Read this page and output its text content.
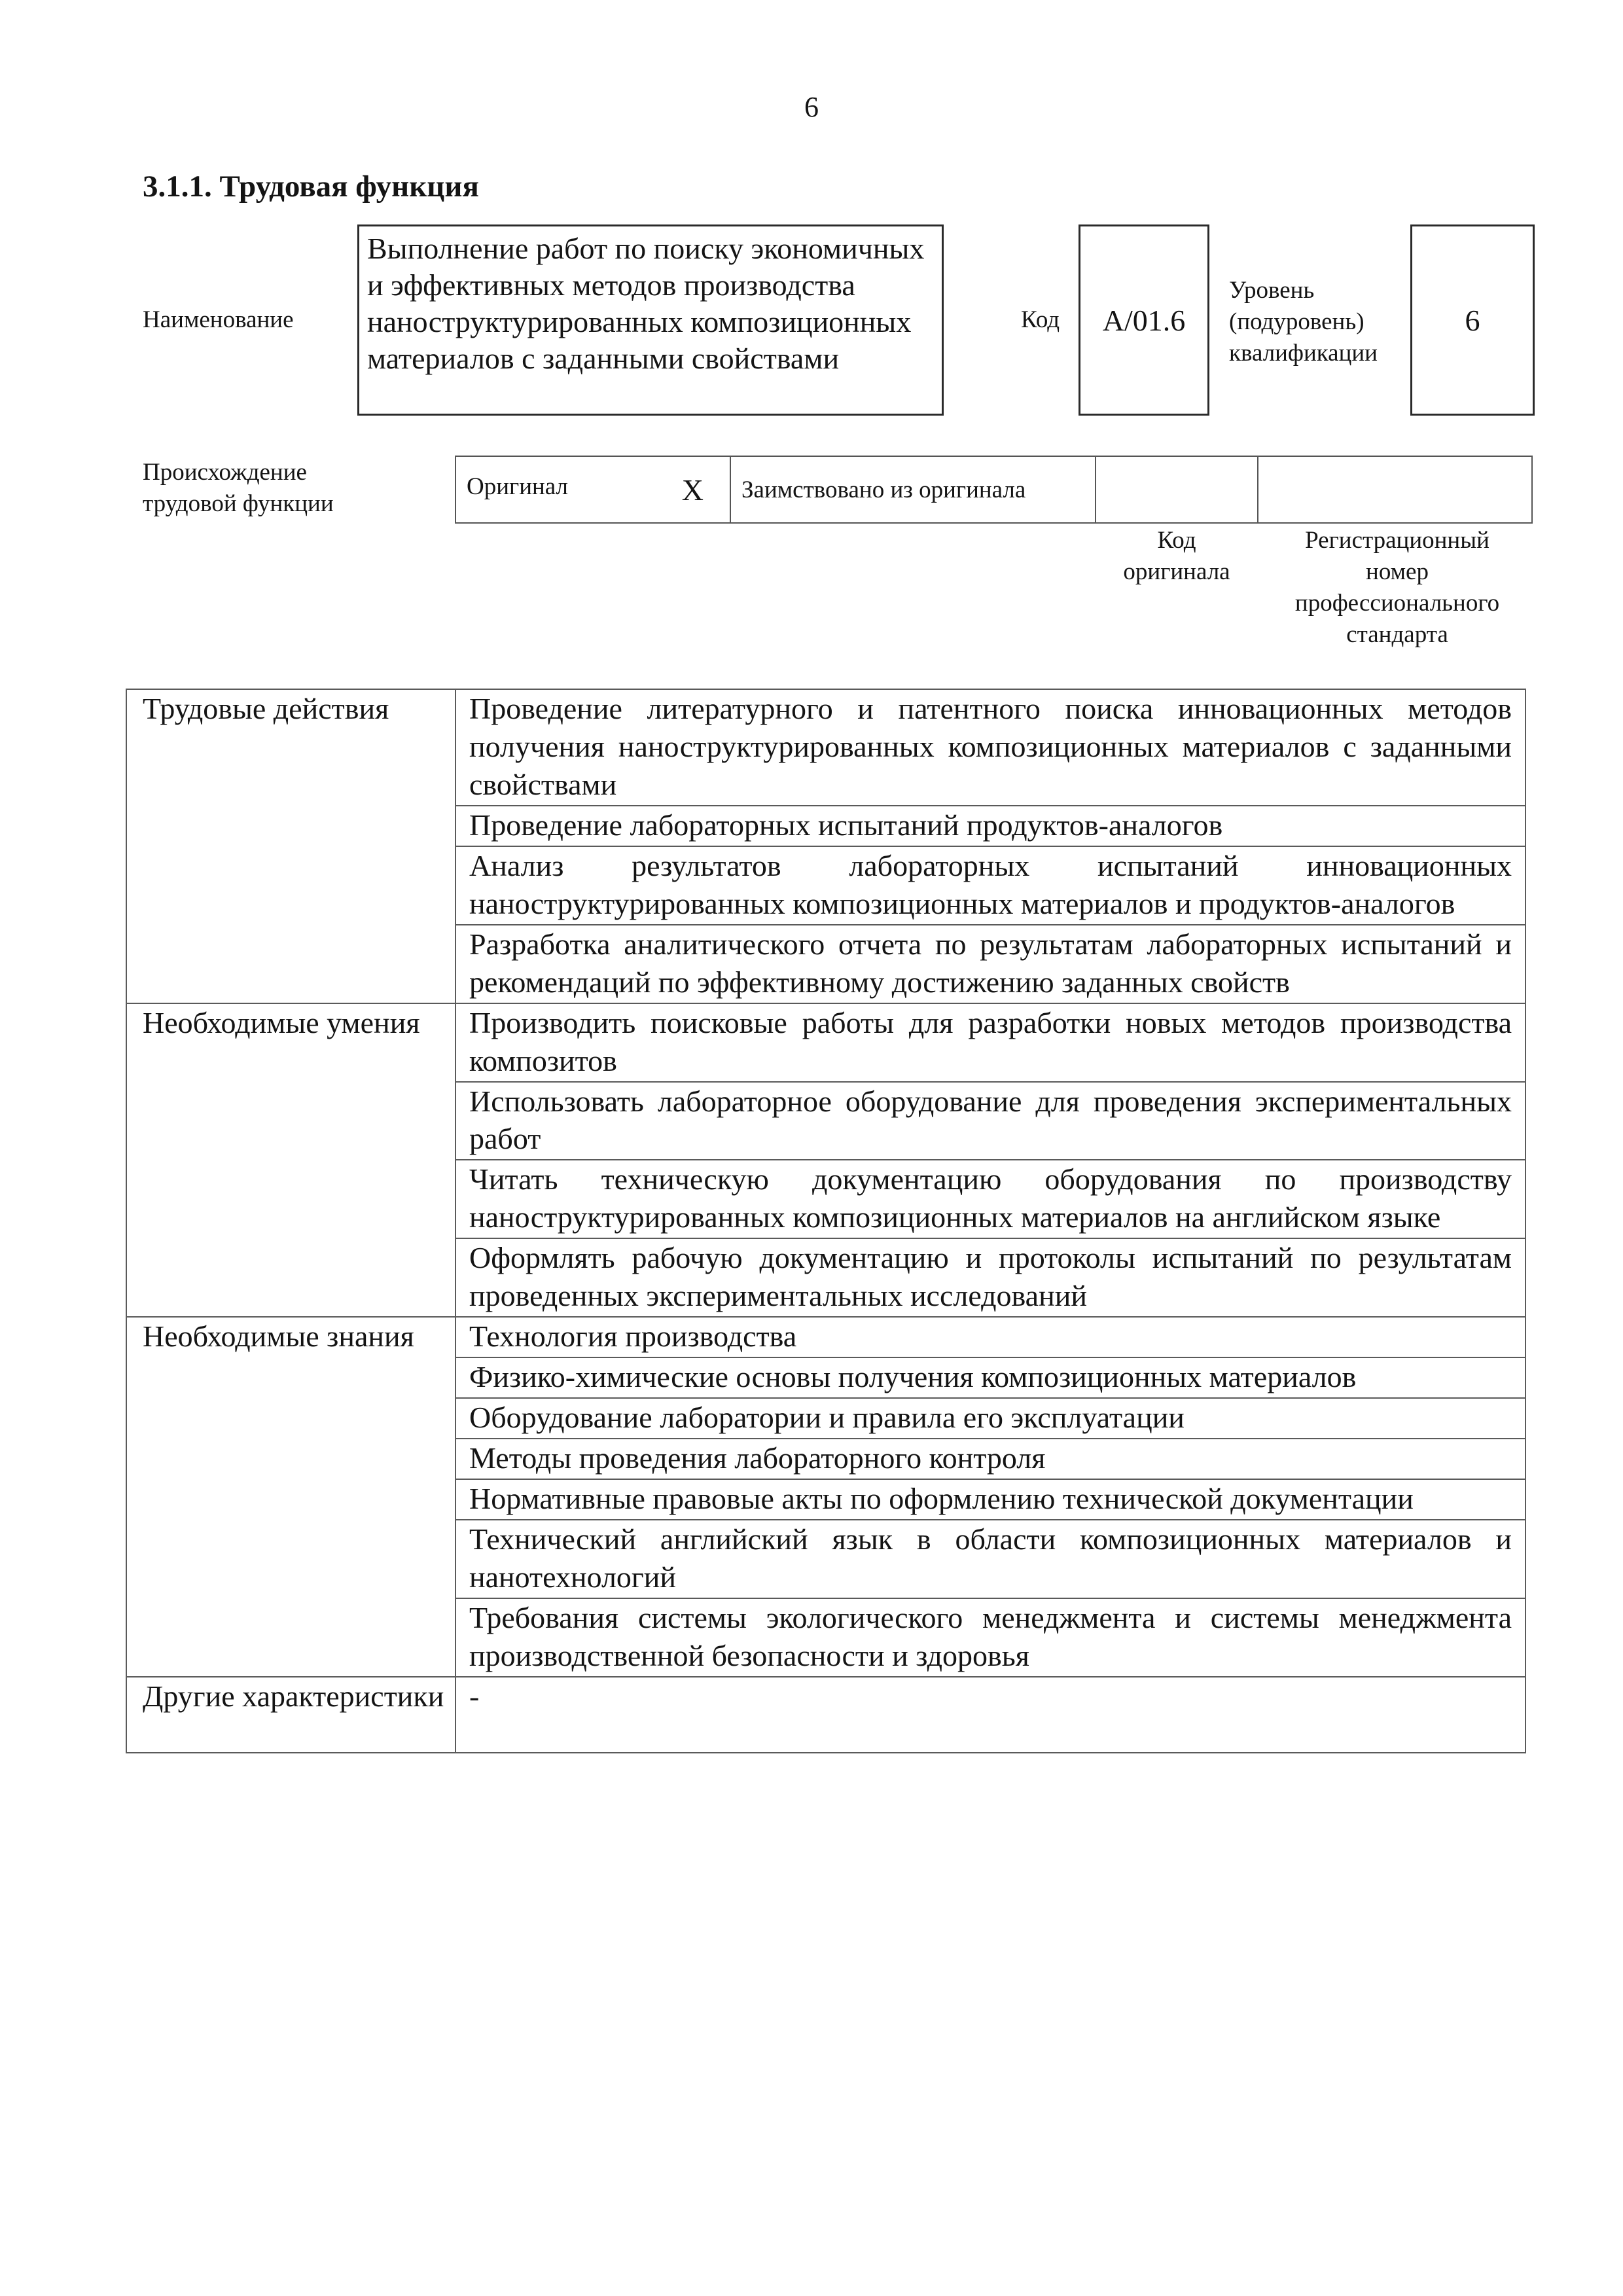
6
3.1.1. Трудовая функция
Наименование
Выполнение работ по поиску экономичных и эффективных методов производства наноструктурированных композиционных материалов с заданными свойствами
Код A/01.6
Уровень
(подуровень)
квалификации
6
Происхождение
трудовой функции
Оригинал	X	Заимствовано из оригинала		
Код
оригинала
Регистрационный
номер
профессионального
стандарта
Трудовые действия	Проведение литературного и патентного поиска инновационных методов получения наноструктурированных композиционных материалов с заданными свойствами
	Проведение лабораторных испытаний продуктов-аналогов
	Анализ результатов лабораторных испытаний инновационных наноструктурированных композиционных материалов и продуктов-аналогов
	Разработка аналитического отчета по результатам лабораторных испытаний и рекомендаций по эффективному достижению заданных свойств
Необходимые умения	Производить поисковые работы для разработки новых методов производства композитов
	Использовать лабораторное оборудование для проведения экспериментальных работ
	Читать техническую документацию оборудования по производству наноструктурированных композиционных материалов на английском языке
	Оформлять рабочую документацию и протоколы испытаний по результатам проведенных экспериментальных исследований
Необходимые знания	Технология производства
	Физико-химические основы получения композиционных материалов
	Оборудование лаборатории и правила его эксплуатации
	Методы проведения лабораторного контроля
	Нормативные правовые акты по оформлению технической документации
	Технический английский язык в области композиционных материалов и нанотехнологий
	Требования системы экологического менеджмента и системы менеджмента производственной безопасности и здоровья
Другие характеристики	-
